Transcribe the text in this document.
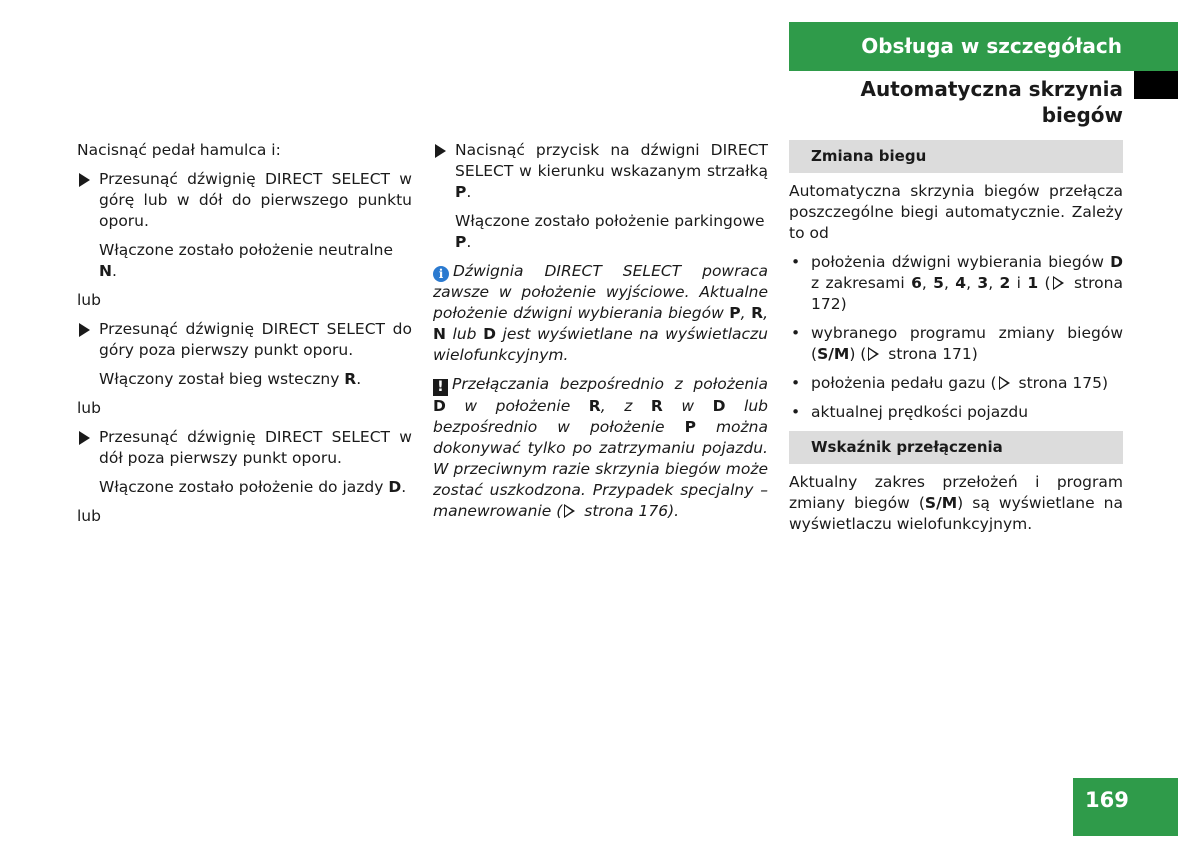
Obsługa w szczegółach
Automatyczna skrzynia biegów

Nacisnąć pedał hamulca i:

Przesunąć dźwignię DIRECT SELECT w górę lub w dół do pierwszego punktu oporu.

Włączone zostało położenie neutralne N.

lub

Przesunąć dźwignię DIRECT SELECT do góry poza pierwszy punkt oporu.

Włączony został bieg wsteczny R.

lub

Przesunąć dźwignię DIRECT SELECT w dół poza pierwszy punkt oporu.

Włączone zostało położenie do jazdy D.

lub

Nacisnąć przycisk na dźwigni DIRECT SELECT w kierunku wskazanym strzałką P.

Włączone zostało położenie parkingowe P.

i Dźwignia DIRECT SELECT powraca zawsze w położenie wyjściowe. Aktualne położenie dźwigni wybierania biegów P, R, N lub D jest wyświetlane na wyświetlaczu wielofunkcyjnym.

! Przełączania bezpośrednio z położenia D w położenie R, z R w D lub bezpośrednio w położenie P można dokonywać tylko po zatrzymaniu pojazdu. W przeciwnym razie skrzynia biegów może zostać uszkodzona. Przypadek specjalny – manewrowanie ( strona 176).

Zmiana biegu

Automatyczna skrzynia biegów przełącza poszczególne biegi automatycznie. Zależy to od

• położenia dźwigni wybierania biegów D z zakresami 6, 5, 4, 3, 2 i 1 ( strona 172)
• wybranego programu zmiany biegów (S/M) ( strona 171)
• położenia pedału gazu ( strona 175)
• aktualnej prędkości pojazdu
Wskaźnik przełączenia

Aktualny zakres przełożeń i program zmiany biegów (S/M) są wyświetlane na wyświetlaczu wielofunkcyjnym.

169
